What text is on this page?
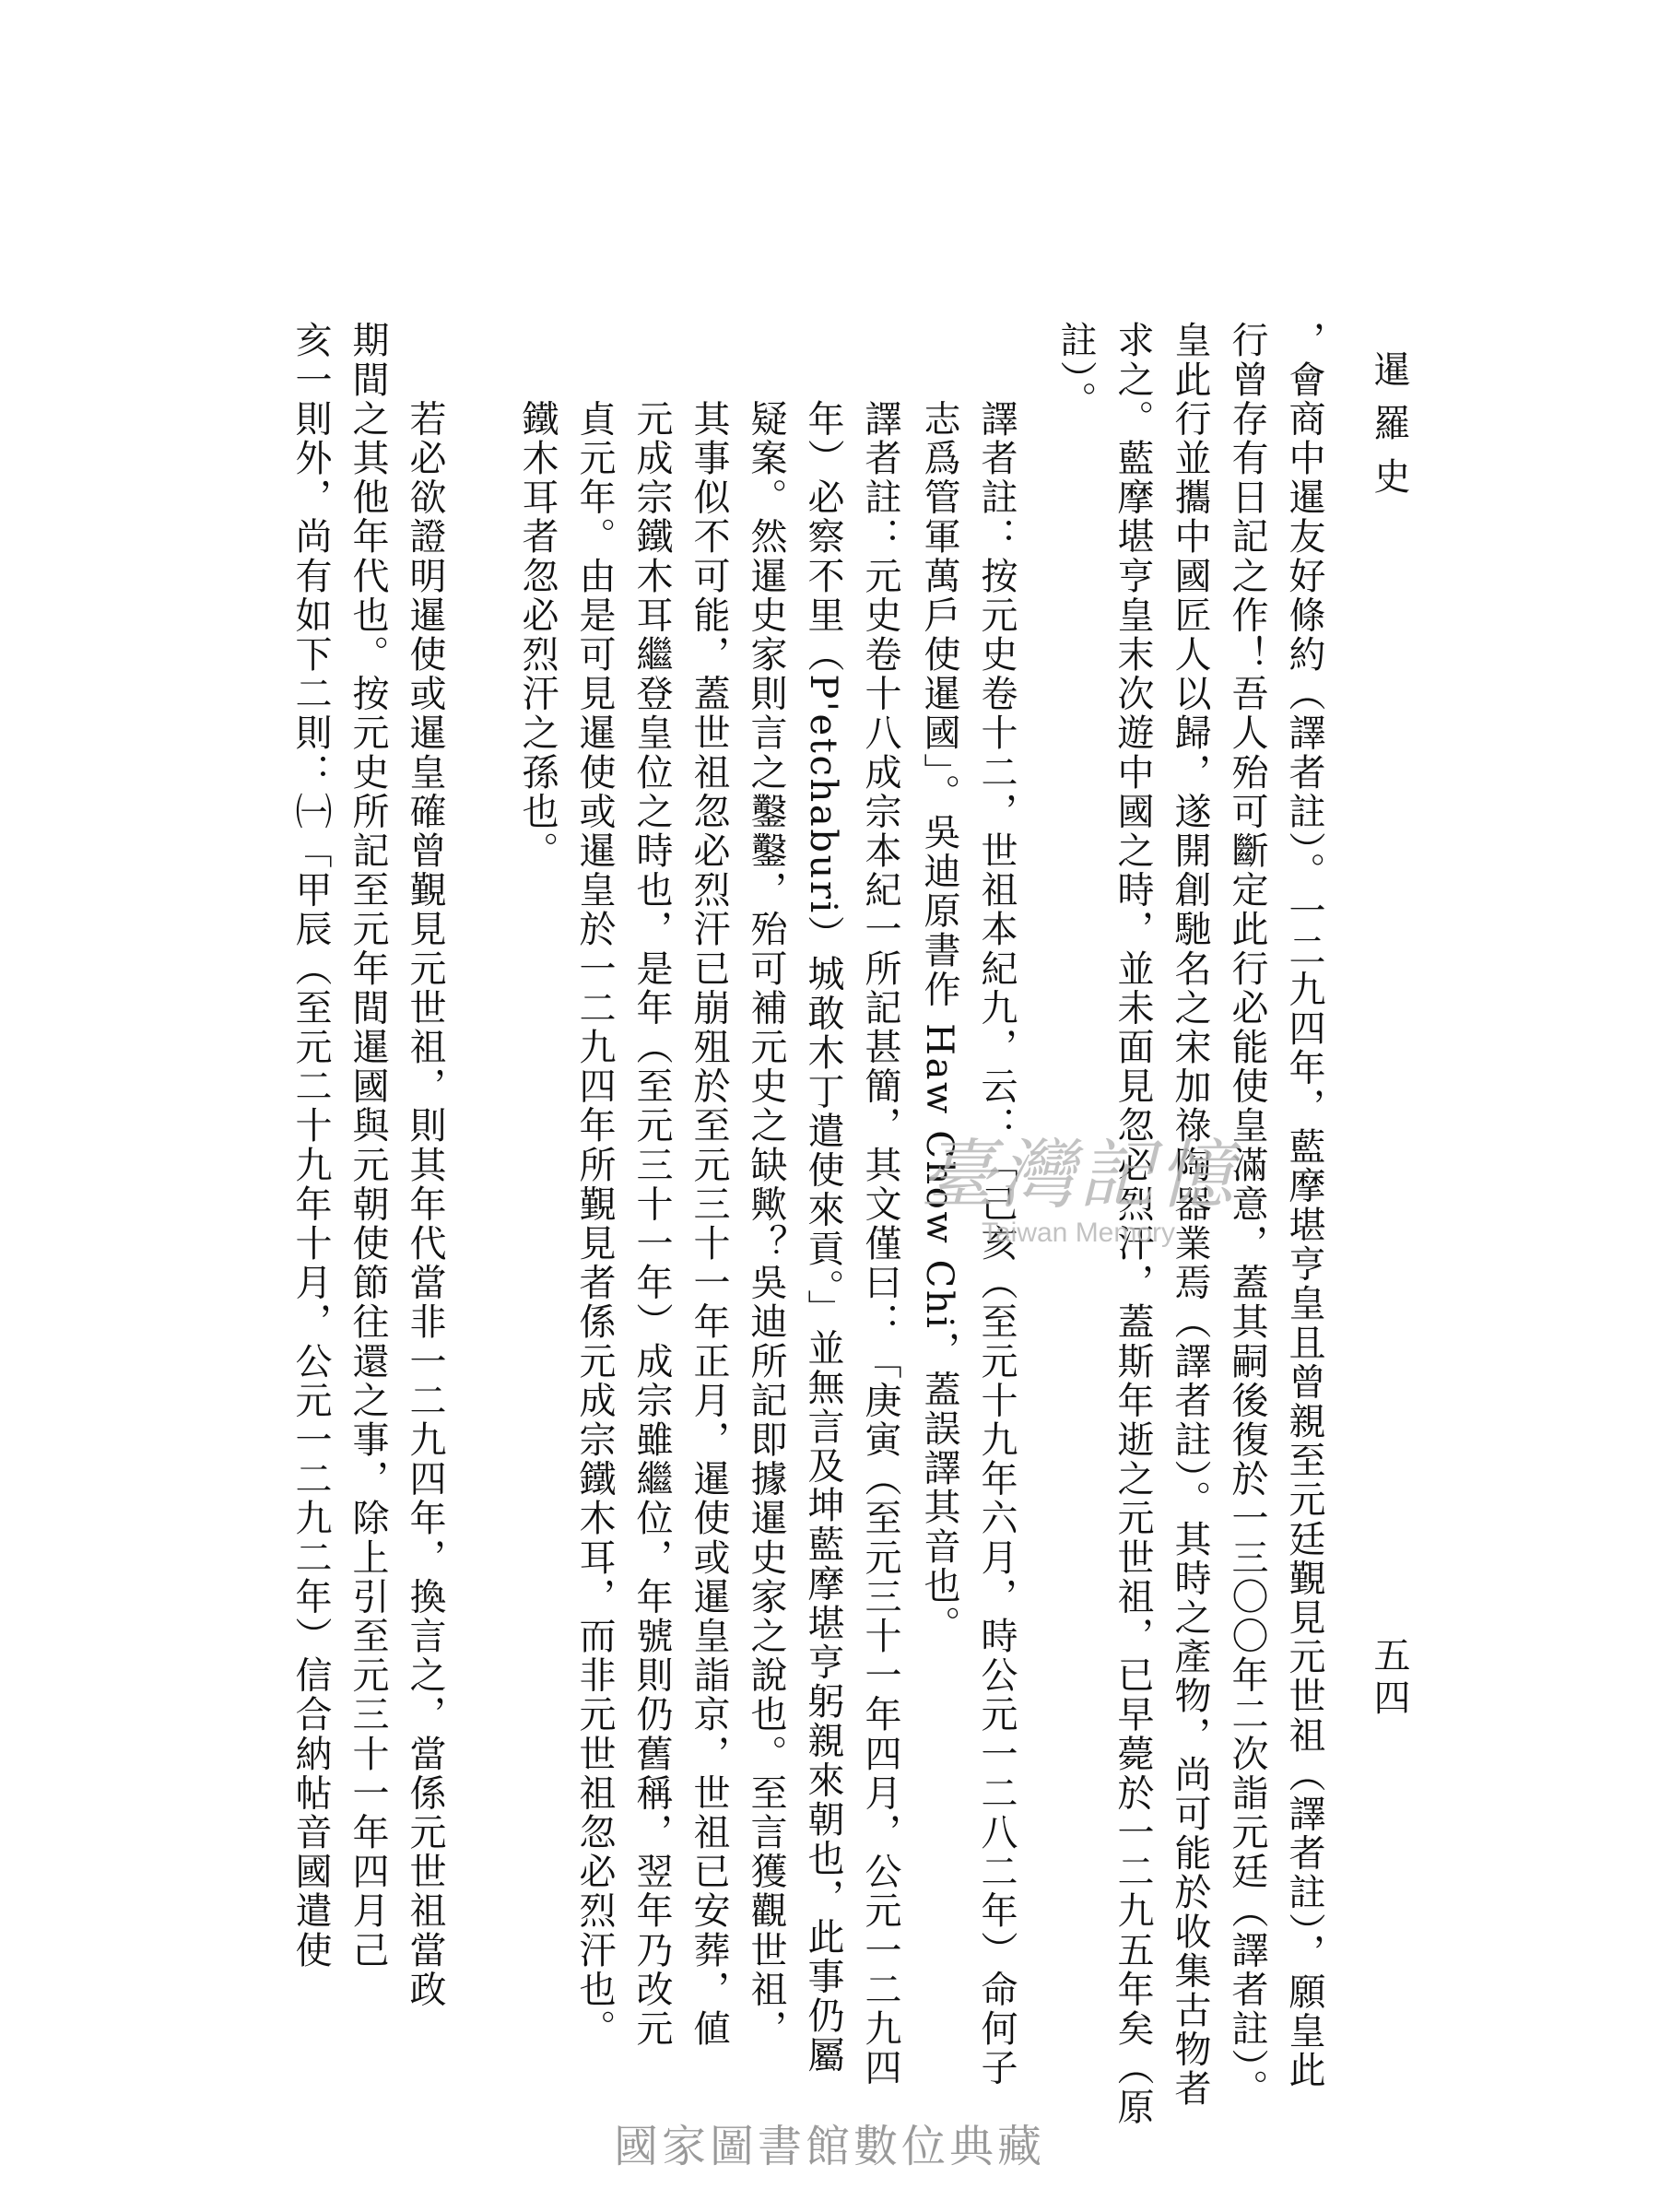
暹羅史
五四
，會商中暹友好條約（譯者註）。一二九四年，藍摩堪亨皇且曾親至元廷覲見元世祖（譯者註），願皇此
行曾存有日記之作！吾人殆可斷定此行必能使皇滿意，蓋其嗣後復於一三〇〇年二次詣元廷（譯者註）。
皇此行並攜中國匠人以歸，遂開創馳名之宋加祿陶器業焉（譯者註）。其時之產物，尚可能於收集古物者
求之。藍摩堪亨皇末次遊中國之時，並未面見忽必烈汗，蓋斯年逝之元世祖，已早薨於一二九五年矣（原
註）。
　　譯者註：按元史卷十二，世祖本紀九，云：「己亥（至元十九年六月，時公元一二八二年）命何子
　　志爲管軍萬戶使暹國」。吳迪原書作 Haw Chow Chi，蓋誤譯其音也。
　　譯者註：元史卷十八成宗本紀一所記甚簡，其文僅曰：「庚寅（至元三十一年四月，公元一二九四
　　年）必察不里（P'etchaburi）城敢木丁遣使來貢。」並無言及坤藍摩堪亨躬親來朝也，此事仍屬
　　疑案。然暹史家則言之鑿鑿，殆可補元史之缺歟？吳迪所記即據暹史家之說也。至言獲觀世祖，
　　其事似不可能，蓋世祖忽必烈汗已崩殂於至元三十一年正月，暹使或暹皇詣京，世祖已安葬，値
　　元成宗鐵木耳繼登皇位之時也，是年（至元三十一年）成宗雖繼位，年號則仍舊稱，翌年乃改元
　　貞元年。由是可見暹使或暹皇於一二九四年所覲見者係元成宗鐵木耳，而非元世祖忽必烈汗也。
　　鐵木耳者忽必烈汗之孫也。
　　若必欲證明暹使或暹皇確曾覲見元世祖，則其年代當非一二九四年，換言之，當係元世祖當政
期間之其他年代也。按元史所記至元年間暹國與元朝使節往還之事，除上引至元三十一年四月己
亥一則外，尚有如下二則：㈠「甲辰（至元二十九年十月，公元一二九二年）信合納帖音國遣使	臺灣記憶
Taiwan Memory
國家圖書館數位典藏
